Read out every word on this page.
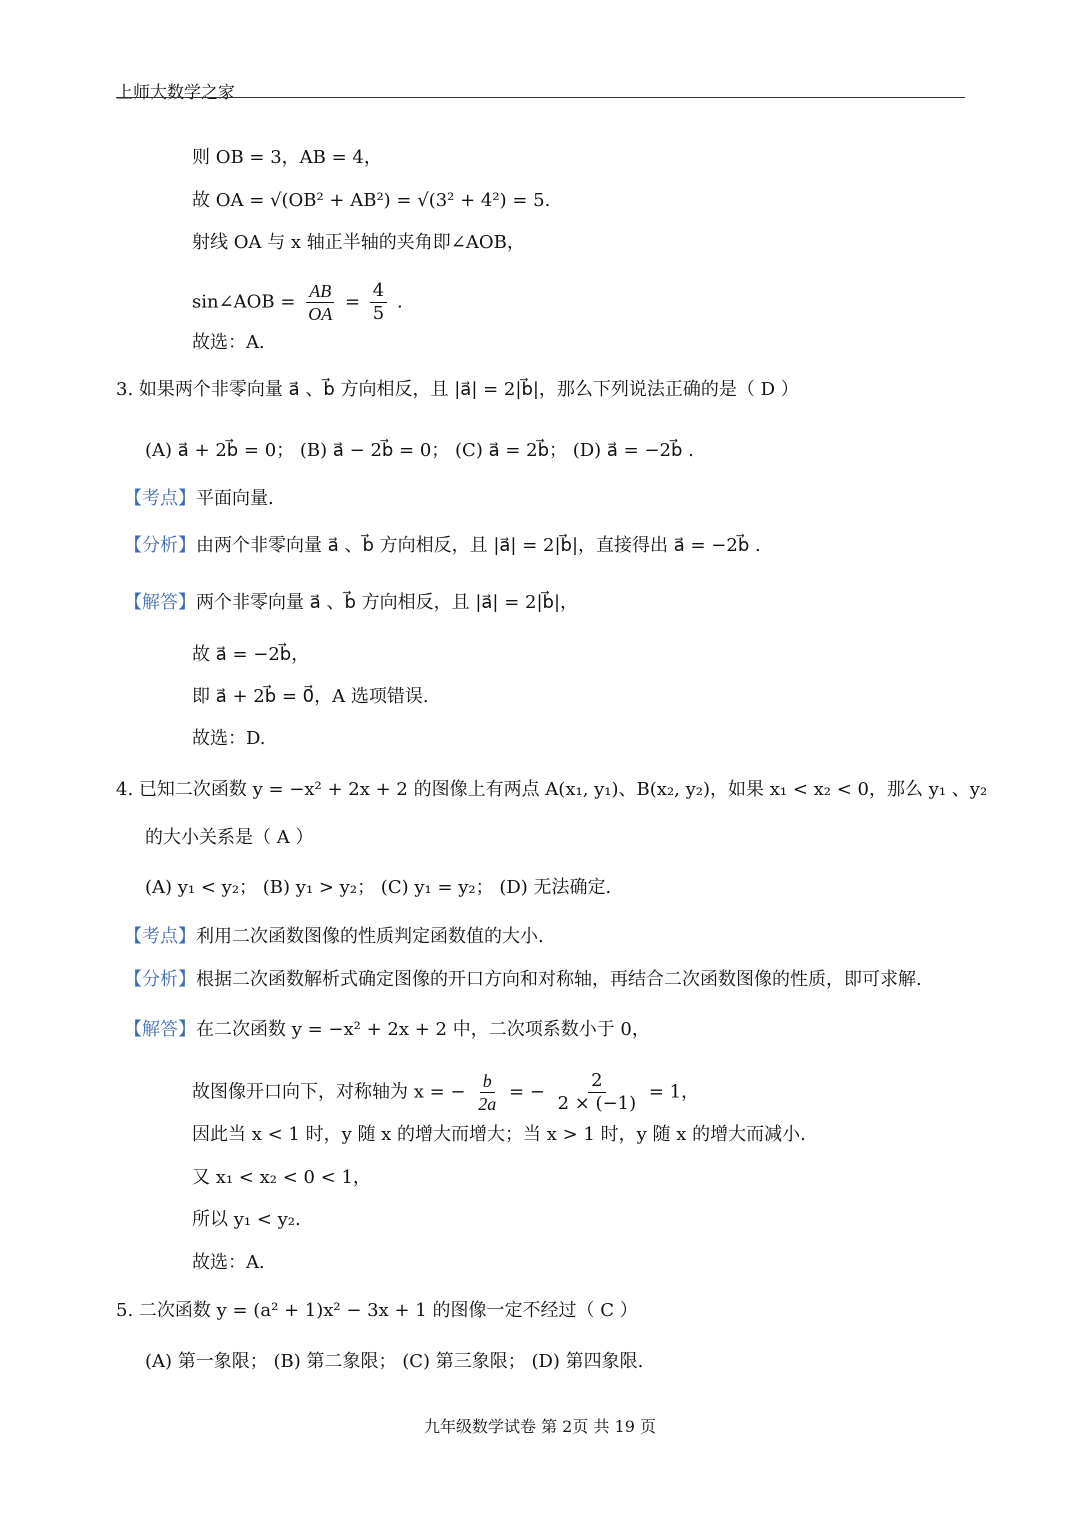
上师大数学之家
则 OB = 3，AB = 4，
故 OA = √(OB² + AB²) = √(3² + 4²) = 5.
射线 OA 与 x 轴正半轴的夹角即∠AOB，
sin∠AOB = $\frac{AB}{OA} = \frac{4}{5}$ .
故选：A.
3. 如果两个非零向量 a⃗ 、b⃗ 方向相反，且 |a⃗| = 2|b⃗|，那么下列说法正确的是（ D ）
(A) a⃗ + 2b⃗ = 0； (B) a⃗ − 2b⃗ = 0； (C) a⃗ = 2b⃗； (D) a⃗ = −2b⃗ .
【考点】平面向量.
【分析】由两个非零向量 a⃗ 、b⃗ 方向相反，且 |a⃗| = 2|b⃗|，直接得出 a⃗ = −2b⃗ .
【解答】两个非零向量 a⃗ 、b⃗ 方向相反，且 |a⃗| = 2|b⃗|，
故 a⃗ = −2b⃗，
即 a⃗ + 2b⃗ = 0⃗，A 选项错误.
故选：D.
4. 已知二次函数 y = −x² + 2x + 2 的图像上有两点 A(x₁, y₁)、B(x₂, y₂)，如果 x₁ < x₂ < 0，那么 y₁ 、y₂
的大小关系是（ A ）
(A) y₁ < y₂； (B) y₁ > y₂； (C) y₁ = y₂； (D) 无法确定.
【考点】利用二次函数图像的性质判定函数值的大小.
【分析】根据二次函数解析式确定图像的开口方向和对称轴，再结合二次函数图像的性质，即可求解.
【解答】在二次函数 y = −x² + 2x + 2 中，二次项系数小于 0，
故图像开口向下，对称轴为 x = − $\frac{b}{2a}$ = − $\frac{2}{2 \times (-1)} = 1$，
因此当 x < 1 时，y 随 x 的增大而增大；当 x > 1 时，y 随 x 的增大而减小.
又 x₁ < x₂ < 0 < 1，
所以 y₁ < y₂.
故选：A.
5. 二次函数 y = (a² + 1)x² − 3x + 1 的图像一定不经过（ C ）
(A) 第一象限； (B) 第二象限； (C) 第三象限； (D) 第四象限.
九年级数学试卷 第 2页 共 19 页
